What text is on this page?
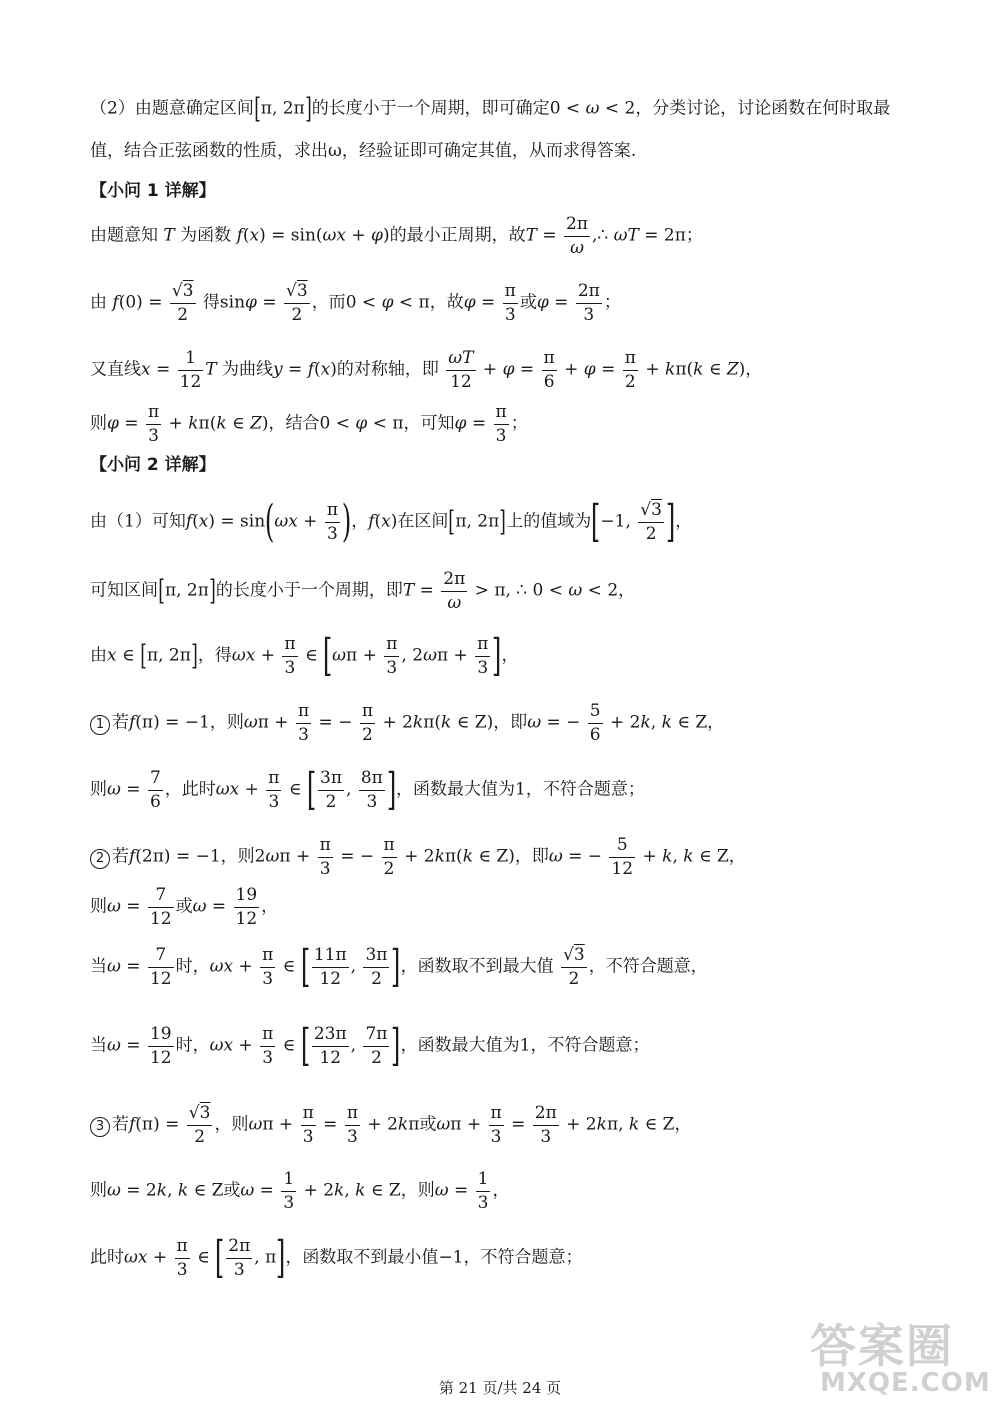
（2）由题意确定区间[π, 2π]的长度小于一个周期，即可确定0 < ω < 2，分类讨论，讨论函数在何时取最
值，结合正弦函数的性质，求出ω，经验证即可确定其值，从而求得答案.
【小问 1 详解】
由题意知 T 为函数 f(x) = sin(ωx + φ)的最小正周期，故$T = \frac{2\pi}{\omega}$ ,∴ ωT = 2π；
由 $f(0) = \frac{√3}{2}$ 得$\sin\varphi = \frac{√3}{2}$ ，而0 < φ < π，故$\varphi = \frac{\pi}{3}$ 或$\varphi = \frac{2\pi}{3}$ ；
又直线$x = \frac{1}{12}$ T 为曲线y = f(x)的对称轴，即 $\frac{\omega T}{12} + \varphi = \frac{\pi}{6} + \varphi = \frac{\pi}{2} + k\pi(k$ ∈ Z)，
则$\varphi = \frac{\pi}{3} + k\pi(k$ ∈ Z)，结合0 < φ < π，可知$\varphi = \frac{\pi}{3}$ ；
【小问 2 详解】
由（1）可知$f(x) = \sin(\omega x + \frac{\pi}{3}$ )，f(x)在区间[π, 2π]上的值域为[−1, $\frac{√3}{2}$ ]，
可知区间[π, 2π]的长度小于一个周期，即$T = \frac{2\pi}{\omega} > \pi$, ∴ 0 < ω < 2，
由x ∈ [π, 2π]，得$\omega x + \frac{\pi}{3}$ ∈ [$\omega\pi + \frac{\pi}{3}$ , $2\omega\pi + \frac{\pi}{3}$ ]，
1 若f(π) = −1，则$\omega\pi + \frac{\pi}{3}$ = − $\frac{\pi}{2} + 2k\pi(k$ ∈ Z)，即ω = − $\frac{5}{6} + 2k$, k ∈ Z，
则$\omega = \frac{7}{6}$ ，此时$\omega x + \frac{\pi}{3}$ ∈ [ $\frac{3\pi}{2}$ , $\frac{8\pi}{3}$ ]，函数最大值为1，不符合题意；
2 若f(2π) = −1，则$2\omega\pi + \frac{\pi}{3}$ = − $\frac{\pi}{2} + 2k\pi(k$ ∈ Z)，即ω = − $\frac{5}{12} + k$, k ∈ Z，
则$\omega = \frac{7}{12}$ 或$\omega = \frac{19}{12}$ ，
当$\omega = \frac{7}{12}$ 时，$\omega x + \frac{\pi}{3}$ ∈ [ $\frac{11\pi}{12}$ , $\frac{3\pi}{2}$ ]，函数取不到最大值 $\frac{√3}{2}$ ，不符合题意，
当$\omega = \frac{19}{12}$ 时，$\omega x + \frac{\pi}{3}$ ∈ [ $\frac{23\pi}{12}$ , $\frac{7\pi}{2}$ ]，函数最大值为1，不符合题意；
3 若$f(\pi) = \frac{√3}{2}$ ，则$\omega\pi + \frac{\pi}{3} = \frac{\pi}{3} + 2k\pi$或$\omega\pi + \frac{\pi}{3} = \frac{2\pi}{3} + 2k\pi$, k ∈ Z，
则ω = 2k, k ∈ Z或$\omega = \frac{1}{3} + 2k$, k ∈ Z，则$\omega = \frac{1}{3}$ ，
此时$\omega x + \frac{\pi}{3}$ ∈ [ $\frac{2\pi}{3}$ , π]，函数取不到最小值−1，不符合题意；
第 21 页/共 24 页
答案圈
MXQE.COM
